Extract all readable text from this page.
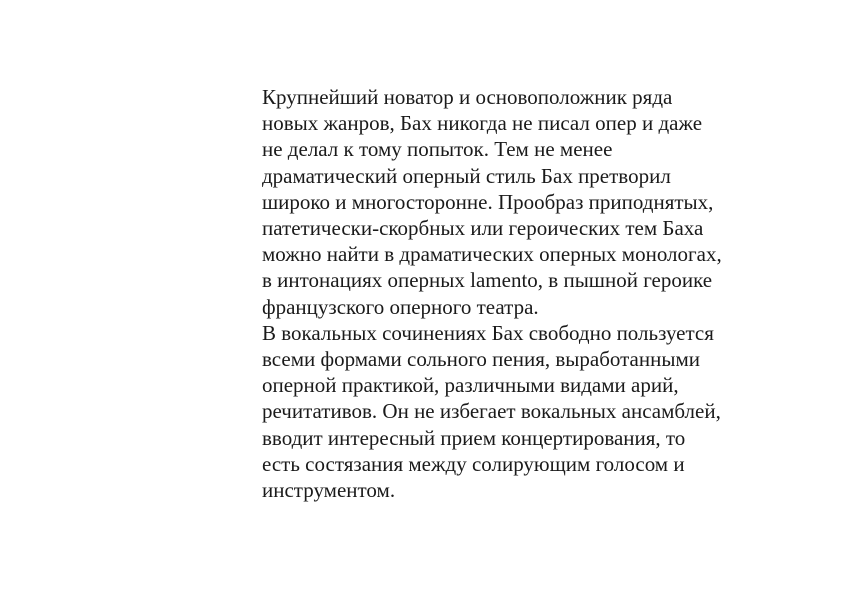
Крупнейший новатор и основоположник ряда
новых жанров, Бах никогда не писал опер и даже
не делал к тому попыток. Тем не менее
драматический оперный стиль Бах претворил
широко и многосторонне. Прообраз приподнятых,
патетически-скорбных или героических тем Баха
можно найти в драматических оперных монологах,
в интонациях оперных lamento, в пышной героике
французского оперного театра.
В вокальных сочинениях Бах свободно пользуется
всеми формами сольного пения, выработанными
оперной практикой, различными видами арий,
речитативов. Он не избегает вокальных ансамблей,
вводит интересный прием концертирования, то
есть состязания между солирующим голосом и
инструментом.
